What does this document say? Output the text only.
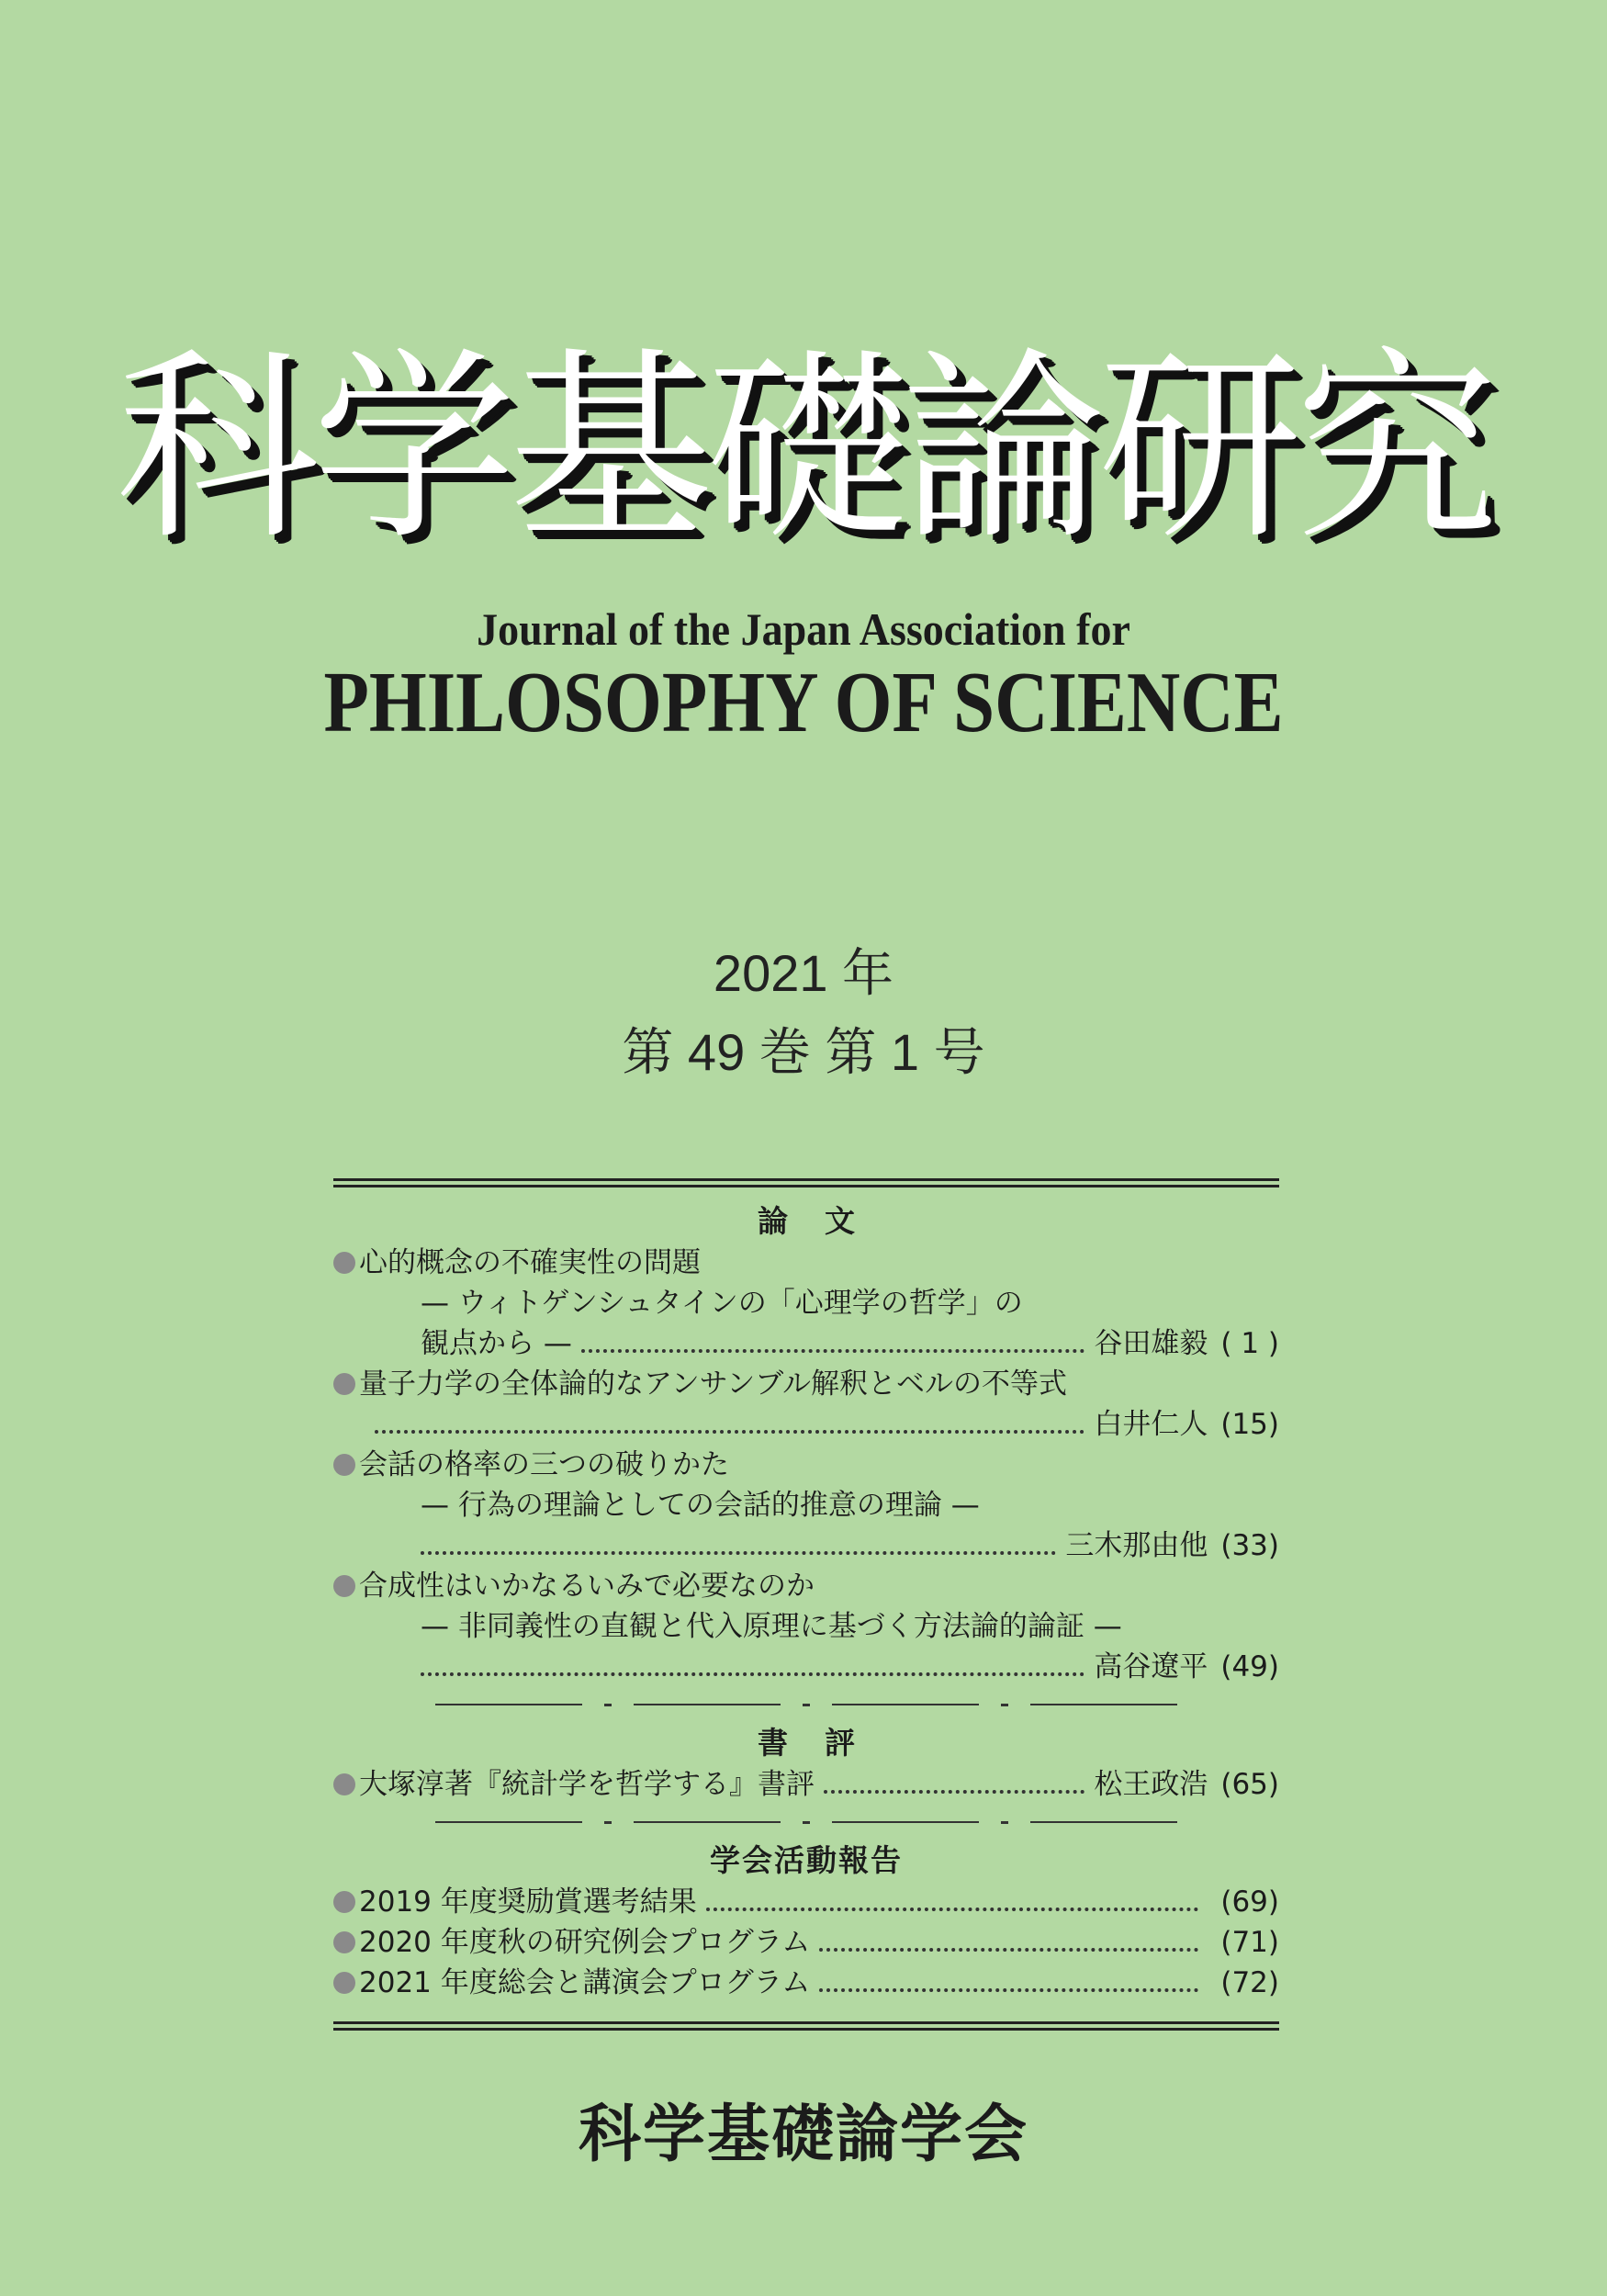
科学基礎論研究
Journal of the Japan Association for
PHILOSOPHY OF SCIENCE
2021 年
第 49 巻 第 1 号
論文
心的概念の不確実性の問題
— ウィトゲンシュタインの「心理学の哲学」の
観点から —	谷田雄毅 ( 1 )
量子力学の全体論的なアンサンブル解釈とベルの不等式
白井仁人 (15)
会話の格率の三つの破りかた
— 行為の理論としての会話的推意の理論 —
三木那由他 (33)
合成性はいかなるいみで必要なのか
— 非同義性の直観と代入原理に基づく方法論的論証 —
高谷遼平 (49)
書評
大塚淳著『統計学を哲学する』書評	松王政浩 (65)
学会活動報告
2019 年度奨励賞選考結果	(69)
2020 年度秋の研究例会プログラム	(71)
2021 年度総会と講演会プログラム	(72)
科学基礎論学会
